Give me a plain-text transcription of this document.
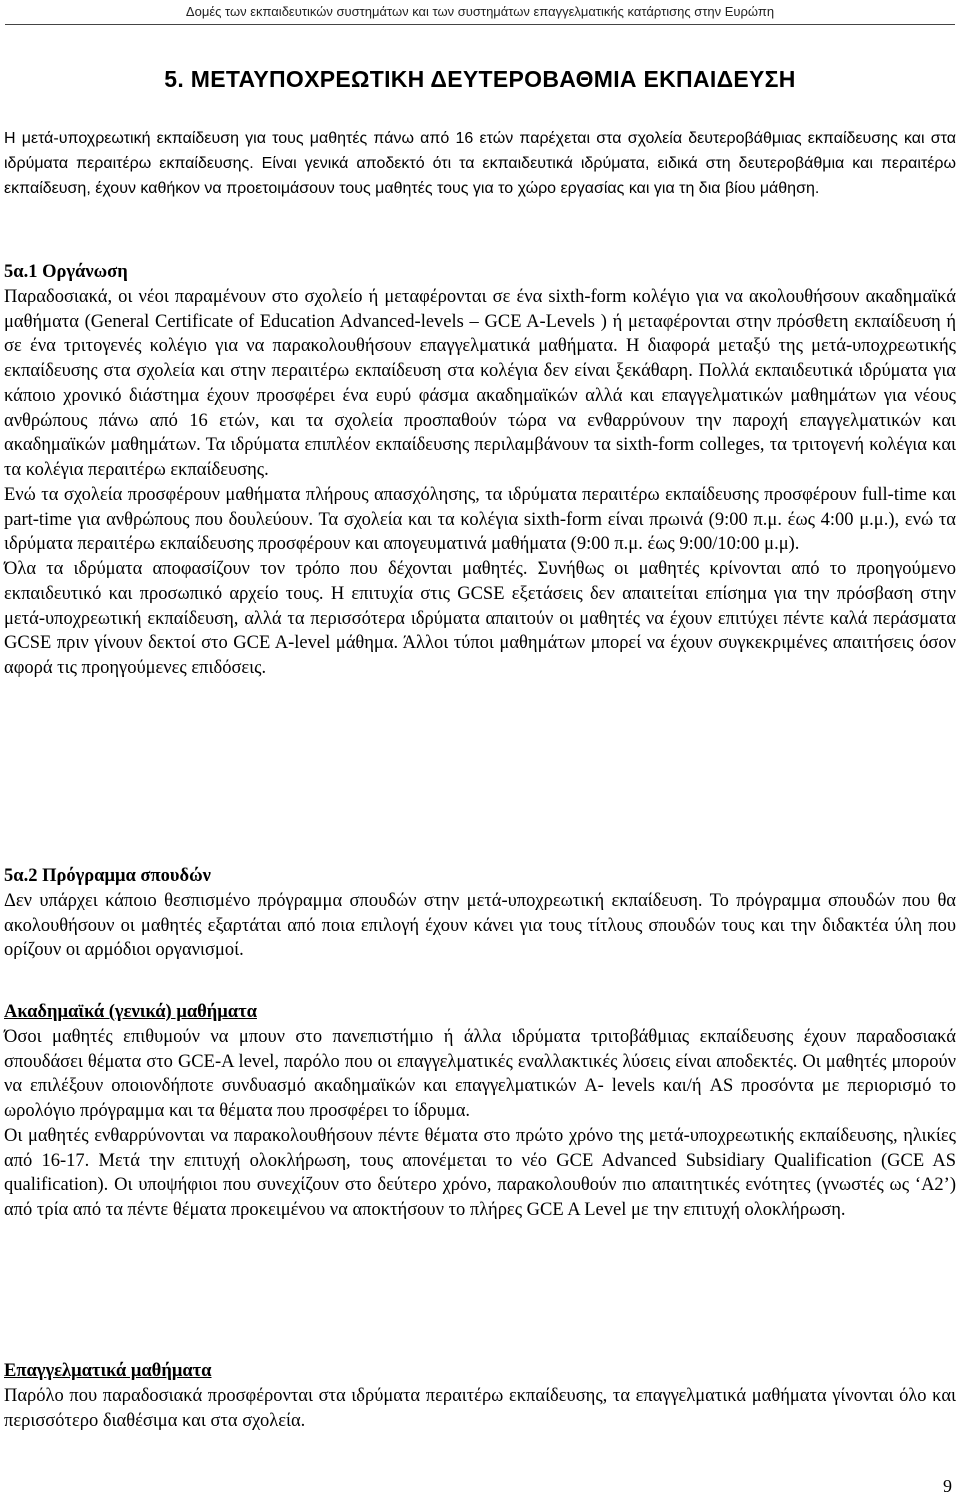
Δομές των εκπαιδευτικών συστημάτων και των συστημάτων επαγγελματικής κατάρτισης στην Ευρώπη
5. ΜΕΤΑΥΠΟΧΡΕΩΤΙΚΗ ΔΕΥΤΕΡΟΒΑΘΜΙΑ ΕΚΠΑΙΔΕΥΣΗ

Η μετά-υποχρεωτική εκπαίδευση για τους μαθητές πάνω από 16 ετών παρέχεται στα σχολεία δευτεροβάθμιας εκπαίδευσης και στα ιδρύματα περαιτέρω εκπαίδευσης. Είναι γενικά αποδεκτό ότι τα εκπαιδευτικά ιδρύματα, ειδικά στη δευτεροβάθμια και περαιτέρω εκπαίδευση, έχουν καθήκον να προετοιμάσουν τους μαθητές τους για το χώρο εργασίας και για τη δια βίου μάθηση.

5α.1 Οργάνωση

Παραδοσιακά, οι νέοι παραμένουν στο σχολείο ή μεταφέρονται σε ένα sixth-form κολέγιο για να ακολουθήσουν ακαδημαϊκά μαθήματα (General Certificate of Education Advanced-levels – GCE A-Levels ) ή μεταφέρονται στην πρόσθετη εκπαίδευση ή σε ένα τριτογενές κολέγιο για να παρακολουθήσουν επαγγελματικά μαθήματα. Η διαφορά μεταξύ της μετά-υποχρεωτικής εκπαίδευσης στα σχολεία και στην περαιτέρω εκπαίδευση στα κολέγια δεν είναι ξεκάθαρη. Πολλά εκπαιδευτικά ιδρύματα για κάποιο χρονικό διάστημα έχουν προσφέρει ένα ευρύ φάσμα ακαδημαϊκών αλλά και επαγγελματικών μαθημάτων για νέους ανθρώπους πάνω από 16 ετών, και τα σχολεία προσπαθούν τώρα να ενθαρρύνουν την παροχή επαγγελματικών και ακαδημαϊκών μαθημάτων. Τα ιδρύματα επιπλέον εκπαίδευσης περιλαμβάνουν τα sixth-form colleges, τα τριτογενή κολέγια και τα κολέγια περαιτέρω εκπαίδευσης.

Ενώ τα σχολεία προσφέρουν μαθήματα πλήρους απασχόλησης, τα ιδρύματα περαιτέρω εκπαίδευσης προσφέρουν full-time και part-time για ανθρώπους που δουλεύουν. Τα σχολεία και τα κολέγια sixth-form είναι πρωινά (9:00 π.μ. έως 4:00 μ.μ.), ενώ τα ιδρύματα περαιτέρω εκπαίδευσης προσφέρουν και απογευματινά μαθήματα (9:00 π.μ. έως 9:00/10:00 μ.μ).

Όλα τα ιδρύματα αποφασίζουν τον τρόπο που δέχονται μαθητές. Συνήθως οι μαθητές κρίνονται από το προηγούμενο εκπαιδευτικό και προσωπικό αρχείο τους. Η επιτυχία στις GCSE εξετάσεις δεν απαιτείται επίσημα για την πρόσβαση στην μετά-υποχρεωτική εκπαίδευση, αλλά τα περισσότερα ιδρύματα απαιτούν οι μαθητές να έχουν επιτύχει πέντε καλά περάσματα GCSE πριν γίνουν δεκτοί στο GCE A-level μάθημα. Άλλοι τύποι μαθημάτων μπορεί να έχουν συγκεκριμένες απαιτήσεις όσον αφορά τις προηγούμενες επιδόσεις.

5α.2 Πρόγραμμα σπουδών

Δεν υπάρχει κάποιο θεσπισμένο πρόγραμμα σπουδών στην μετά-υποχρεωτική εκπαίδευση. Το πρόγραμμα σπουδών που θα ακολουθήσουν οι μαθητές εξαρτάται από ποια επιλογή έχουν κάνει για τους τίτλους σπουδών τους και την διδακτέα ύλη που ορίζουν οι αρμόδιοι οργανισμοί.

Ακαδημαϊκά (γενικά) μαθήματα

Όσοι μαθητές επιθυμούν να μπουν στο πανεπιστήμιο ή άλλα ιδρύματα τριτοβάθμιας εκπαίδευσης έχουν παραδοσιακά σπουδάσει θέματα στο GCE-A level, παρόλο που οι επαγγελματικές εναλλακτικές λύσεις είναι αποδεκτές. Οι μαθητές μπορούν να επιλέξουν οποιονδήποτε συνδυασμό ακαδημαϊκών και επαγγελματικών A- levels και/ή AS προσόντα με περιορισμό το ωρολόγιο πρόγραμμα και τα θέματα που προσφέρει το ίδρυμα.

Οι μαθητές ενθαρρύνονται να παρακολουθήσουν πέντε θέματα στο πρώτο χρόνο της μετά-υποχρεωτικής εκπαίδευσης, ηλικίες από 16-17. Μετά την επιτυχή ολοκλήρωση, τους απονέμεται το νέο GCE Advanced Subsidiary Qualification (GCE AS qualification). Οι υποψήφιοι που συνεχίζουν στο δεύτερο χρόνο, παρακολουθούν πιο απαιτητικές ενότητες (γνωστές ως ‘A2’) από τρία από τα πέντε θέματα προκειμένου να αποκτήσουν το πλήρες GCE A Level με την επιτυχή ολοκλήρωση.

Επαγγελματικά μαθήματα

Παρόλο που παραδοσιακά προσφέρονται στα ιδρύματα περαιτέρω εκπαίδευσης, τα επαγγελματικά μαθήματα γίνονται όλο και περισσότερο διαθέσιμα και στα σχολεία.

9
